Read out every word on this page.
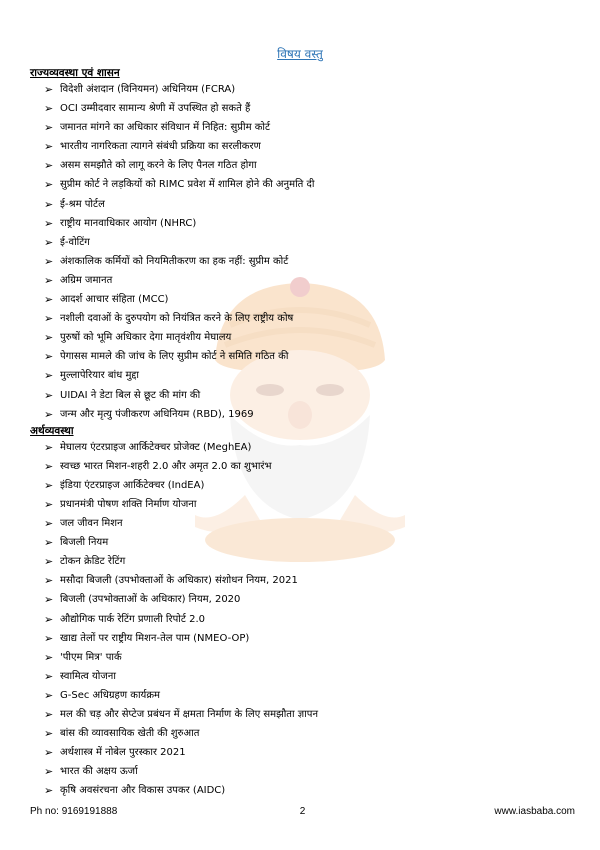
विषय वस्तु
राज्यव्यवस्था एवं शासन
➢ विदेशी अंशदान (विनियमन) अधिनियम (FCRA)
➢ OCI उम्मीदवार सामान्य श्रेणी में उपस्थित हो सकते हैं
➢ जमानत मांगने का अधिकार संविधान में निहित: सुप्रीम कोर्ट
➢ भारतीय नागरिकता त्यागने संबंधी प्रक्रिया का सरलीकरण
➢ असम समझौते को लागू करने के लिए पैनल गठित होगा
➢ सुप्रीम कोर्ट ने लड़कियों को RIMC प्रवेश में शामिल होने की अनुमति दी
➢ ई-श्रम पोर्टल
➢ राष्ट्रीय मानवाधिकार आयोग (NHRC)
➢ ई-वोटिंग
➢ अंशकालिक कर्मियों को नियमितीकरण का हक नहीं: सुप्रीम कोर्ट
➢ अग्रिम जमानत
➢ आदर्श आचार संहिता (MCC)
➢ नशीली दवाओं के दुरुपयोग को नियंत्रित करने के लिए राष्ट्रीय कोष
➢ पुरुषों को भूमि अधिकार देगा मातृवंशीय मेघालय
➢ पेगासस मामले की जांच के लिए सुप्रीम कोर्ट ने समिति गठित की
➢ मुल्लापेरियार बांध मुद्दा
➢ UIDAI ने डेटा बिल से छूट की मांग की
➢ जन्म और मृत्यु पंजीकरण अधिनियम (RBD), 1969
अर्थव्यवस्था
➢ मेघालय एंटरप्राइज आर्किटेक्चर प्रोजेक्ट (MeghEA)
➢ स्वच्छ भारत मिशन-शहरी 2.0 और अमृत 2.0 का शुभारंभ
➢ इंडिया एंटरप्राइज आर्किटेक्चर (IndEA)
➢ प्रधानमंत्री पोषण शक्ति निर्माण योजना
➢ जल जीवन मिशन
➢ बिजली नियम
➢ टोकन क्रेडिट रेटिंग
➢ मसौदा बिजली (उपभोक्ताओं के अधिकार) संशोधन नियम, 2021
➢ बिजली (उपभोक्ताओं के अधिकार) नियम, 2020
➢ औद्योगिक पार्क रेटिंग प्रणाली रिपोर्ट 2.0
➢ खाद्य तेलों पर राष्ट्रीय मिशन-तेल पाम (NMEO-OP)
➢ 'पीएम मित्र' पार्क
➢ स्वामित्व योजना
➢ G-Sec अधिग्रहण कार्यक्रम
➢ मल की चड़ और सेप्टेज प्रबंधन में क्षमता निर्माण के लिए समझौता ज्ञापन
➢ बांस की व्यावसायिक खेती की शुरुआत
➢ अर्थशास्त्र में नोबेल पुरस्कार 2021
➢ भारत की अक्षय ऊर्जा
➢ कृषि अवसंरचना और विकास उपकर (AIDC)
Ph no: 9169191888	2	www.iasbaba.com
